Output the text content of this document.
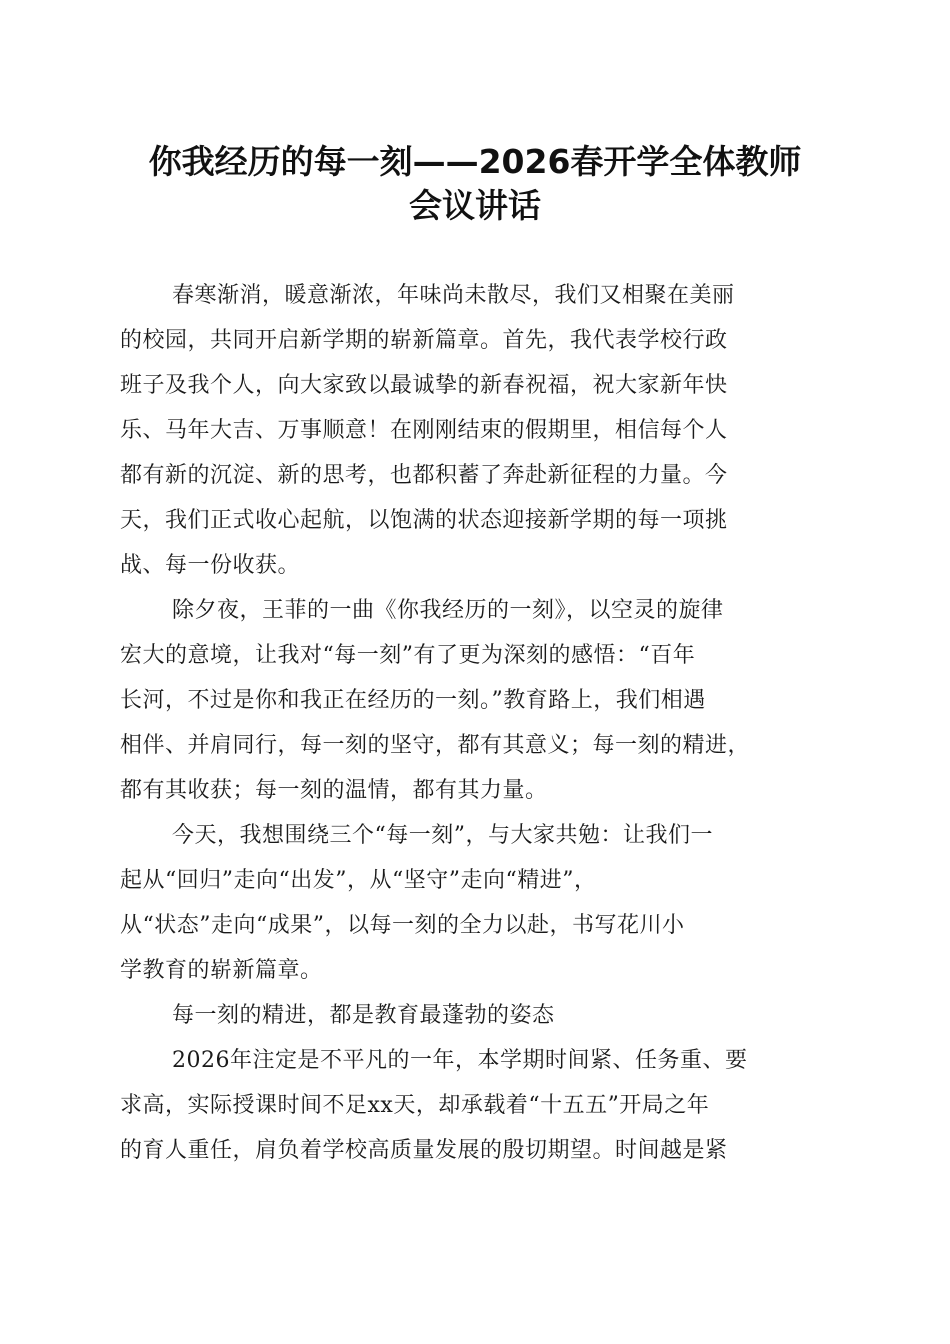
你我经历的每一刻——2026春开学全体教师
会议讲话
春寒渐消，暖意渐浓，年味尚未散尽，我们又相聚在美丽
的校园，共同开启新学期的崭新篇章。首先，我代表学校行政
班子及我个人，向大家致以最诚挚的新春祝福，祝大家新年快
乐、马年大吉、万事顺意！在刚刚结束的假期里，相信每个人
都有新的沉淀、新的思考，也都积蓄了奔赴新征程的力量。今
天，我们正式收心起航，以饱满的状态迎接新学期的每一项挑
战、每一份收获。
除夕夜，王菲的一曲《你我经历的一刻》，以空灵的旋律
宏大的意境，让我对“每一刻”有了更为深刻的感悟：“百年
长河，不过是你和我正在经历的一刻。”教育路上，我们相遇
相伴、并肩同行，每一刻的坚守，都有其意义；每一刻的精进，
都有其收获；每一刻的温情，都有其力量。
今天，我想围绕三个“每一刻”，与大家共勉：让我们一
起从“回归”走向“出发”，从“坚守”走向“精进”，
从“状态”走向“成果”，以每一刻的全力以赴，书写花川小
学教育的崭新篇章。
每一刻的精进，都是教育最蓬勃的姿态
2026年注定是不平凡的一年，本学期时间紧、任务重、要
求高，实际授课时间不足xx天，却承载着“十五五”开局之年
的育人重任，肩负着学校高质量发展的殷切期望。时间越是紧
